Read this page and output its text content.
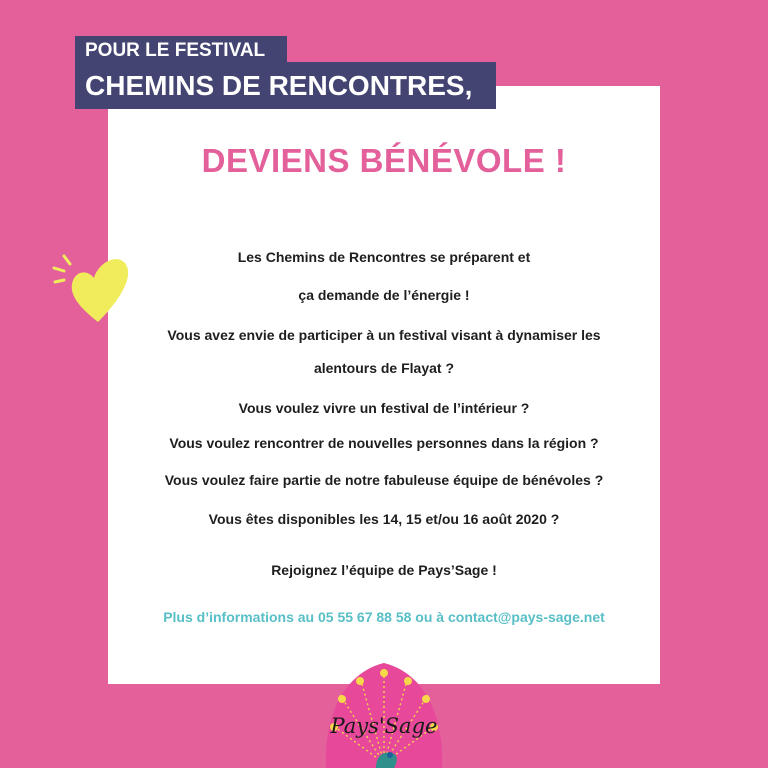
POUR LE FESTIVAL
CHEMINS DE RENCONTRES,
DEVIENS BÉNÉVOLE !
Les Chemins de Rencontres se préparent et
ça demande de l’énergie !
Vous avez envie de participer à un festival visant à dynamiser les
alentours de Flayat ?
Vous voulez vivre un festival de l’intérieur ?
Vous voulez rencontrer de nouvelles personnes dans la région ?
Vous voulez faire partie de notre fabuleuse équipe de bénévoles ?
Vous êtes disponibles les 14, 15 et/ou 16 août 2020 ?
Rejoignez l’équipe de Pays’Sage !
Plus d’informations au 05 55 67 88 58 ou à contact@pays-sage.net
Pays'Sage
